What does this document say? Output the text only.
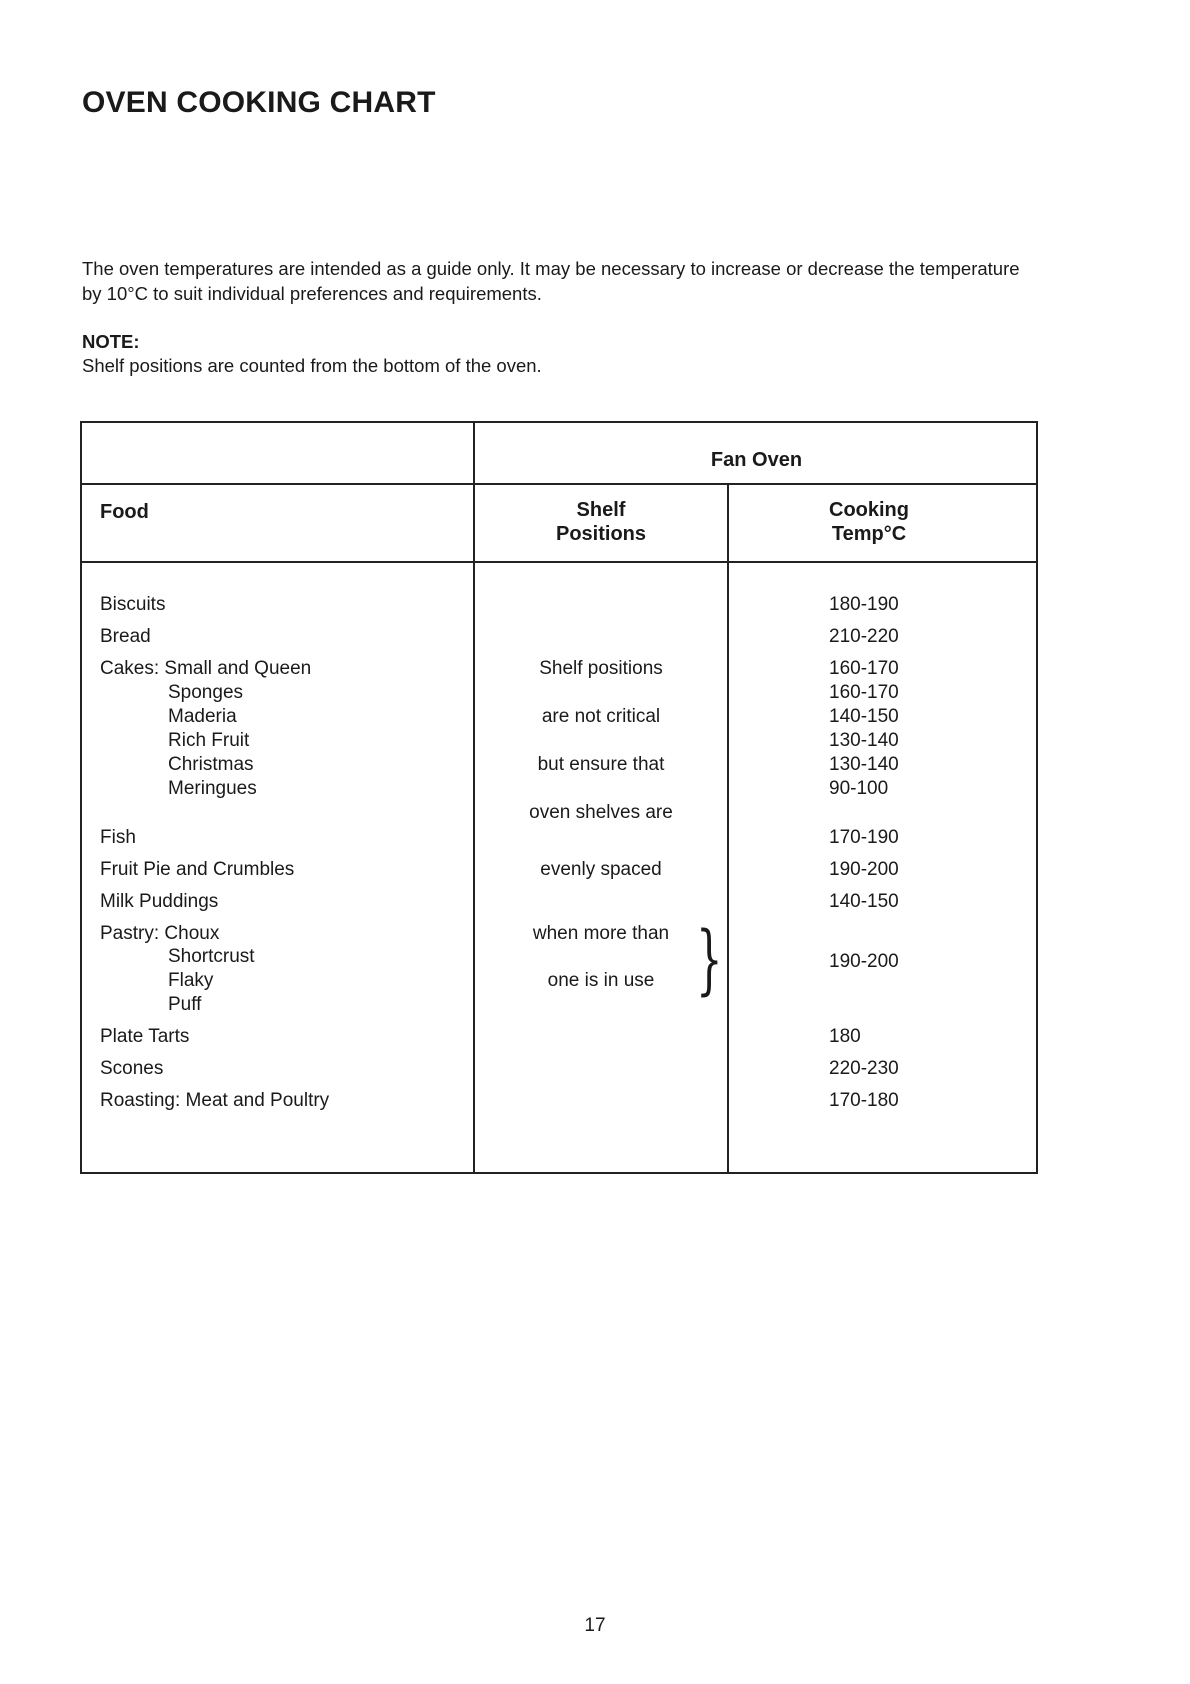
OVEN COOKING CHART

The oven temperatures are intended as a guide only. It may be necessary to increase or decrease the temperature by 10°C to suit individual preferences and requirements.

NOTE:

Shelf positions are counted from the bottom of the oven.

Fan Oven
Food	Shelf
Positions
Cooking
Temp°C
Biscuits
Bread
Cakes: Small and Queen
Sponges
Maderia
Rich Fruit
Christmas
Meringues
Fish
Fruit Pie and Crumbles
Milk Puddings
Pastry: Choux
Shortcrust
Flaky
Puff
Plate Tarts
Scones
Roasting: Meat and Poultry
Shelf positions
are not critical
but ensure that
oven shelves are
evenly spaced
when more than
one is in use }
180-190
210-220
160-170
160-170
140-150
130-140
130-140
90-100
170-190
190-200
140-150
190-200
180
220-230
170-180
17
